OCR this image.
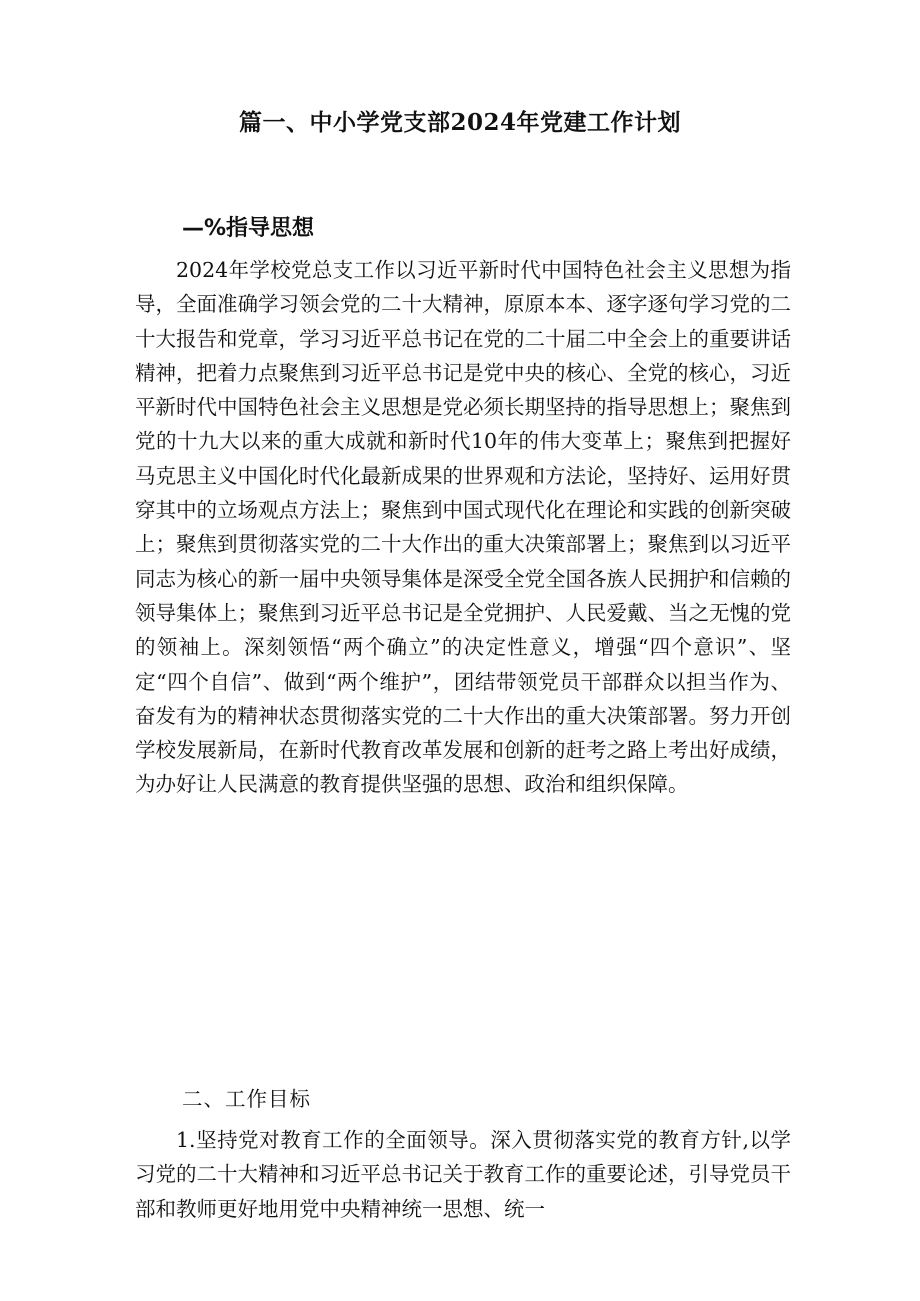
篇一、中小学党支部2024年党建工作计划
—%指导思想

2024年学校党总支工作以习近平新时代中国特色社会主义思想为指导，全面准确学习领会党的二十大精神，原原本本、逐字逐句学习党的二十大报告和党章，学习习近平总书记在党的二十届二中全会上的重要讲话精神，把着力点聚焦到习近平总书记是党中央的核心、全党的核心，习近平新时代中国特色社会主义思想是党必须长期坚持的指导思想上；聚焦到党的十九大以来的重大成就和新时代10年的伟大变革上；聚焦到把握好马克思主义中国化时代化最新成果的世界观和方法论，坚持好、运用好贯穿其中的立场观点方法上；聚焦到中国式现代化在理论和实践的创新突破上；聚焦到贯彻落实党的二十大作出的重大决策部署上；聚焦到以习近平同志为核心的新一届中央领导集体是深受全党全国各族人民拥护和信赖的领导集体上；聚焦到习近平总书记是全党拥护、人民爱戴、当之无愧的党的领袖上。深刻领悟“两个确立”的决定性意义，增强“四个意识”、坚定“四个自信”、做到“两个维护”，团结带领党员干部群众以担当作为、奋发有为的精神状态贯彻落实党的二十大作出的重大决策部署。努力开创学校发展新局，在新时代教育改革发展和创新的赶考之路上考出好成绩，为办好让人民满意的教育提供坚强的思想、政治和组织保障。

二、工作目标

1.坚持党对教育工作的全面领导。深入贯彻落实党的教育方针,以学习党的二十大精神和习近平总书记关于教育工作的重要论述，引导党员干部和教师更好地用党中央精神统一思想、统一
